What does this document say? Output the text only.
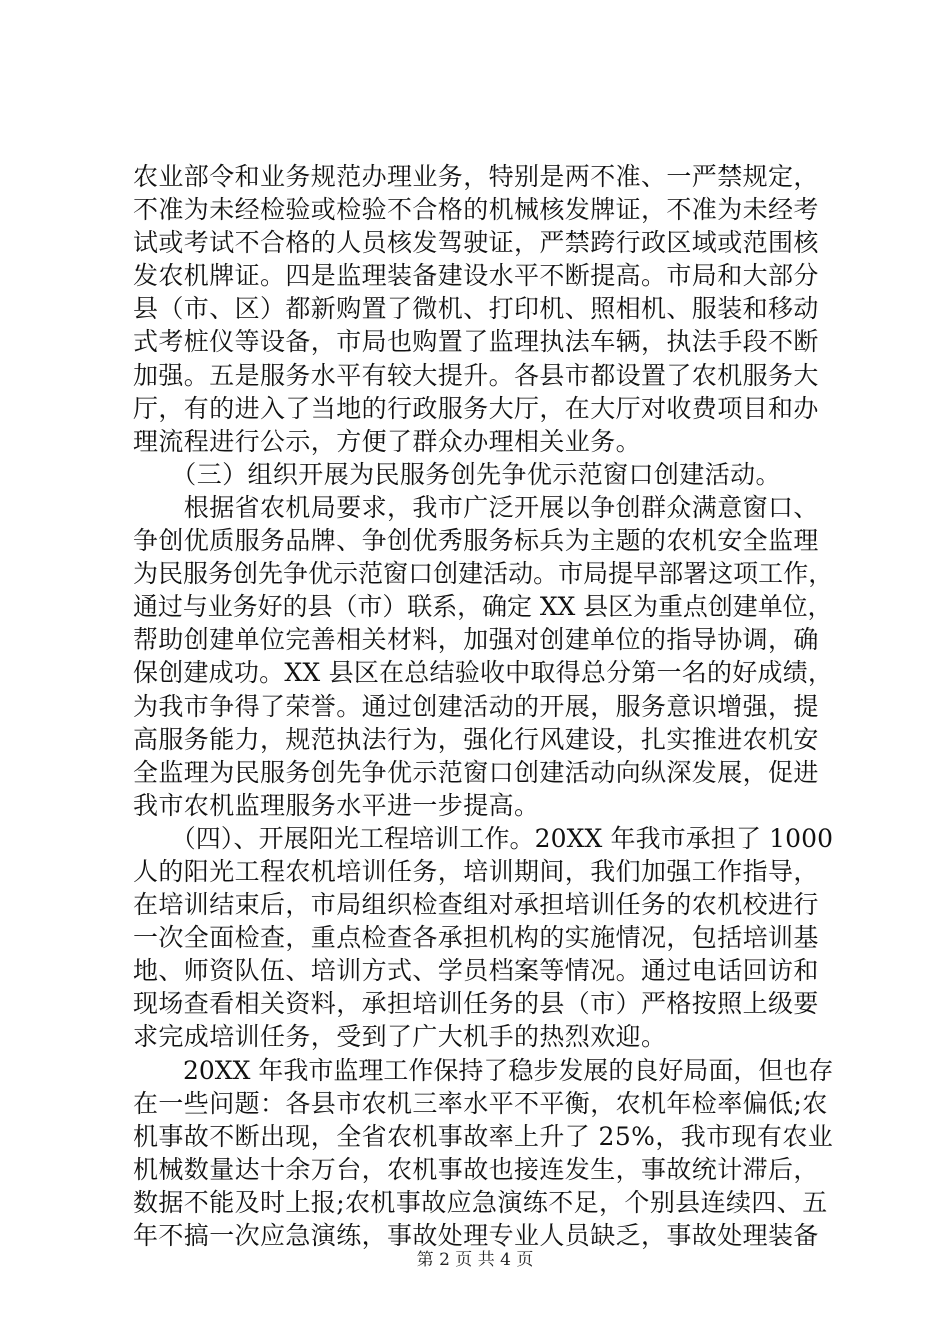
农业部令和业务规范办理业务，特别是两不准、一严禁规定，
不准为未经检验或检验不合格的机械核发牌证，不准为未经考
试或考试不合格的人员核发驾驶证，严禁跨行政区域或范围核
发农机牌证。四是监理装备建设水平不断提高。市局和大部分
县（市、区）都新购置了微机、打印机、照相机、服装和移动
式考桩仪等设备，市局也购置了监理执法车辆，执法手段不断
加强。五是服务水平有较大提升。各县市都设置了农机服务大
厅，有的进入了当地的行政服务大厅，在大厅对收费项目和办
理流程进行公示，方便了群众办理相关业务。
　　（三）组织开展为民服务创先争优示范窗口创建活动。
　　根据省农机局要求，我市广泛开展以争创群众满意窗口、
争创优质服务品牌、争创优秀服务标兵为主题的农机安全监理
为民服务创先争优示范窗口创建活动。市局提早部署这项工作，
通过与业务好的县（市）联系，确定 XX 县区为重点创建单位，
帮助创建单位完善相关材料，加强对创建单位的指导协调，确
保创建成功。XX 县区在总结验收中取得总分第一名的好成绩，
为我市争得了荣誉。通过创建活动的开展，服务意识增强，提
高服务能力，规范执法行为，强化行风建设，扎实推进农机安
全监理为民服务创先争优示范窗口创建活动向纵深发展，促进
我市农机监理服务水平进一步提高。
　　（四）、开展阳光工程培训工作。20XX 年我市承担了 1000
人的阳光工程农机培训任务，培训期间，我们加强工作指导，
在培训结束后，市局组织检查组对承担培训任务的农机校进行
一次全面检查，重点检查各承担机构的实施情况，包括培训基
地、师资队伍、培训方式、学员档案等情况。通过电话回访和
现场查看相关资料，承担培训任务的县（市）严格按照上级要
求完成培训任务，受到了广大机手的热烈欢迎。
　　20XX 年我市监理工作保持了稳步发展的良好局面，但也存
在一些问题：各县市农机三率水平不平衡，农机年检率偏低;农
机事故不断出现，全省农机事故率上升了 25%，我市现有农业
机械数量达十余万台，农机事故也接连发生，事故统计滞后，
数据不能及时上报;农机事故应急演练不足，个别县连续四、五
年不搞一次应急演练，事故处理专业人员缺乏，事故处理装备
第 2 页 共 4 页
